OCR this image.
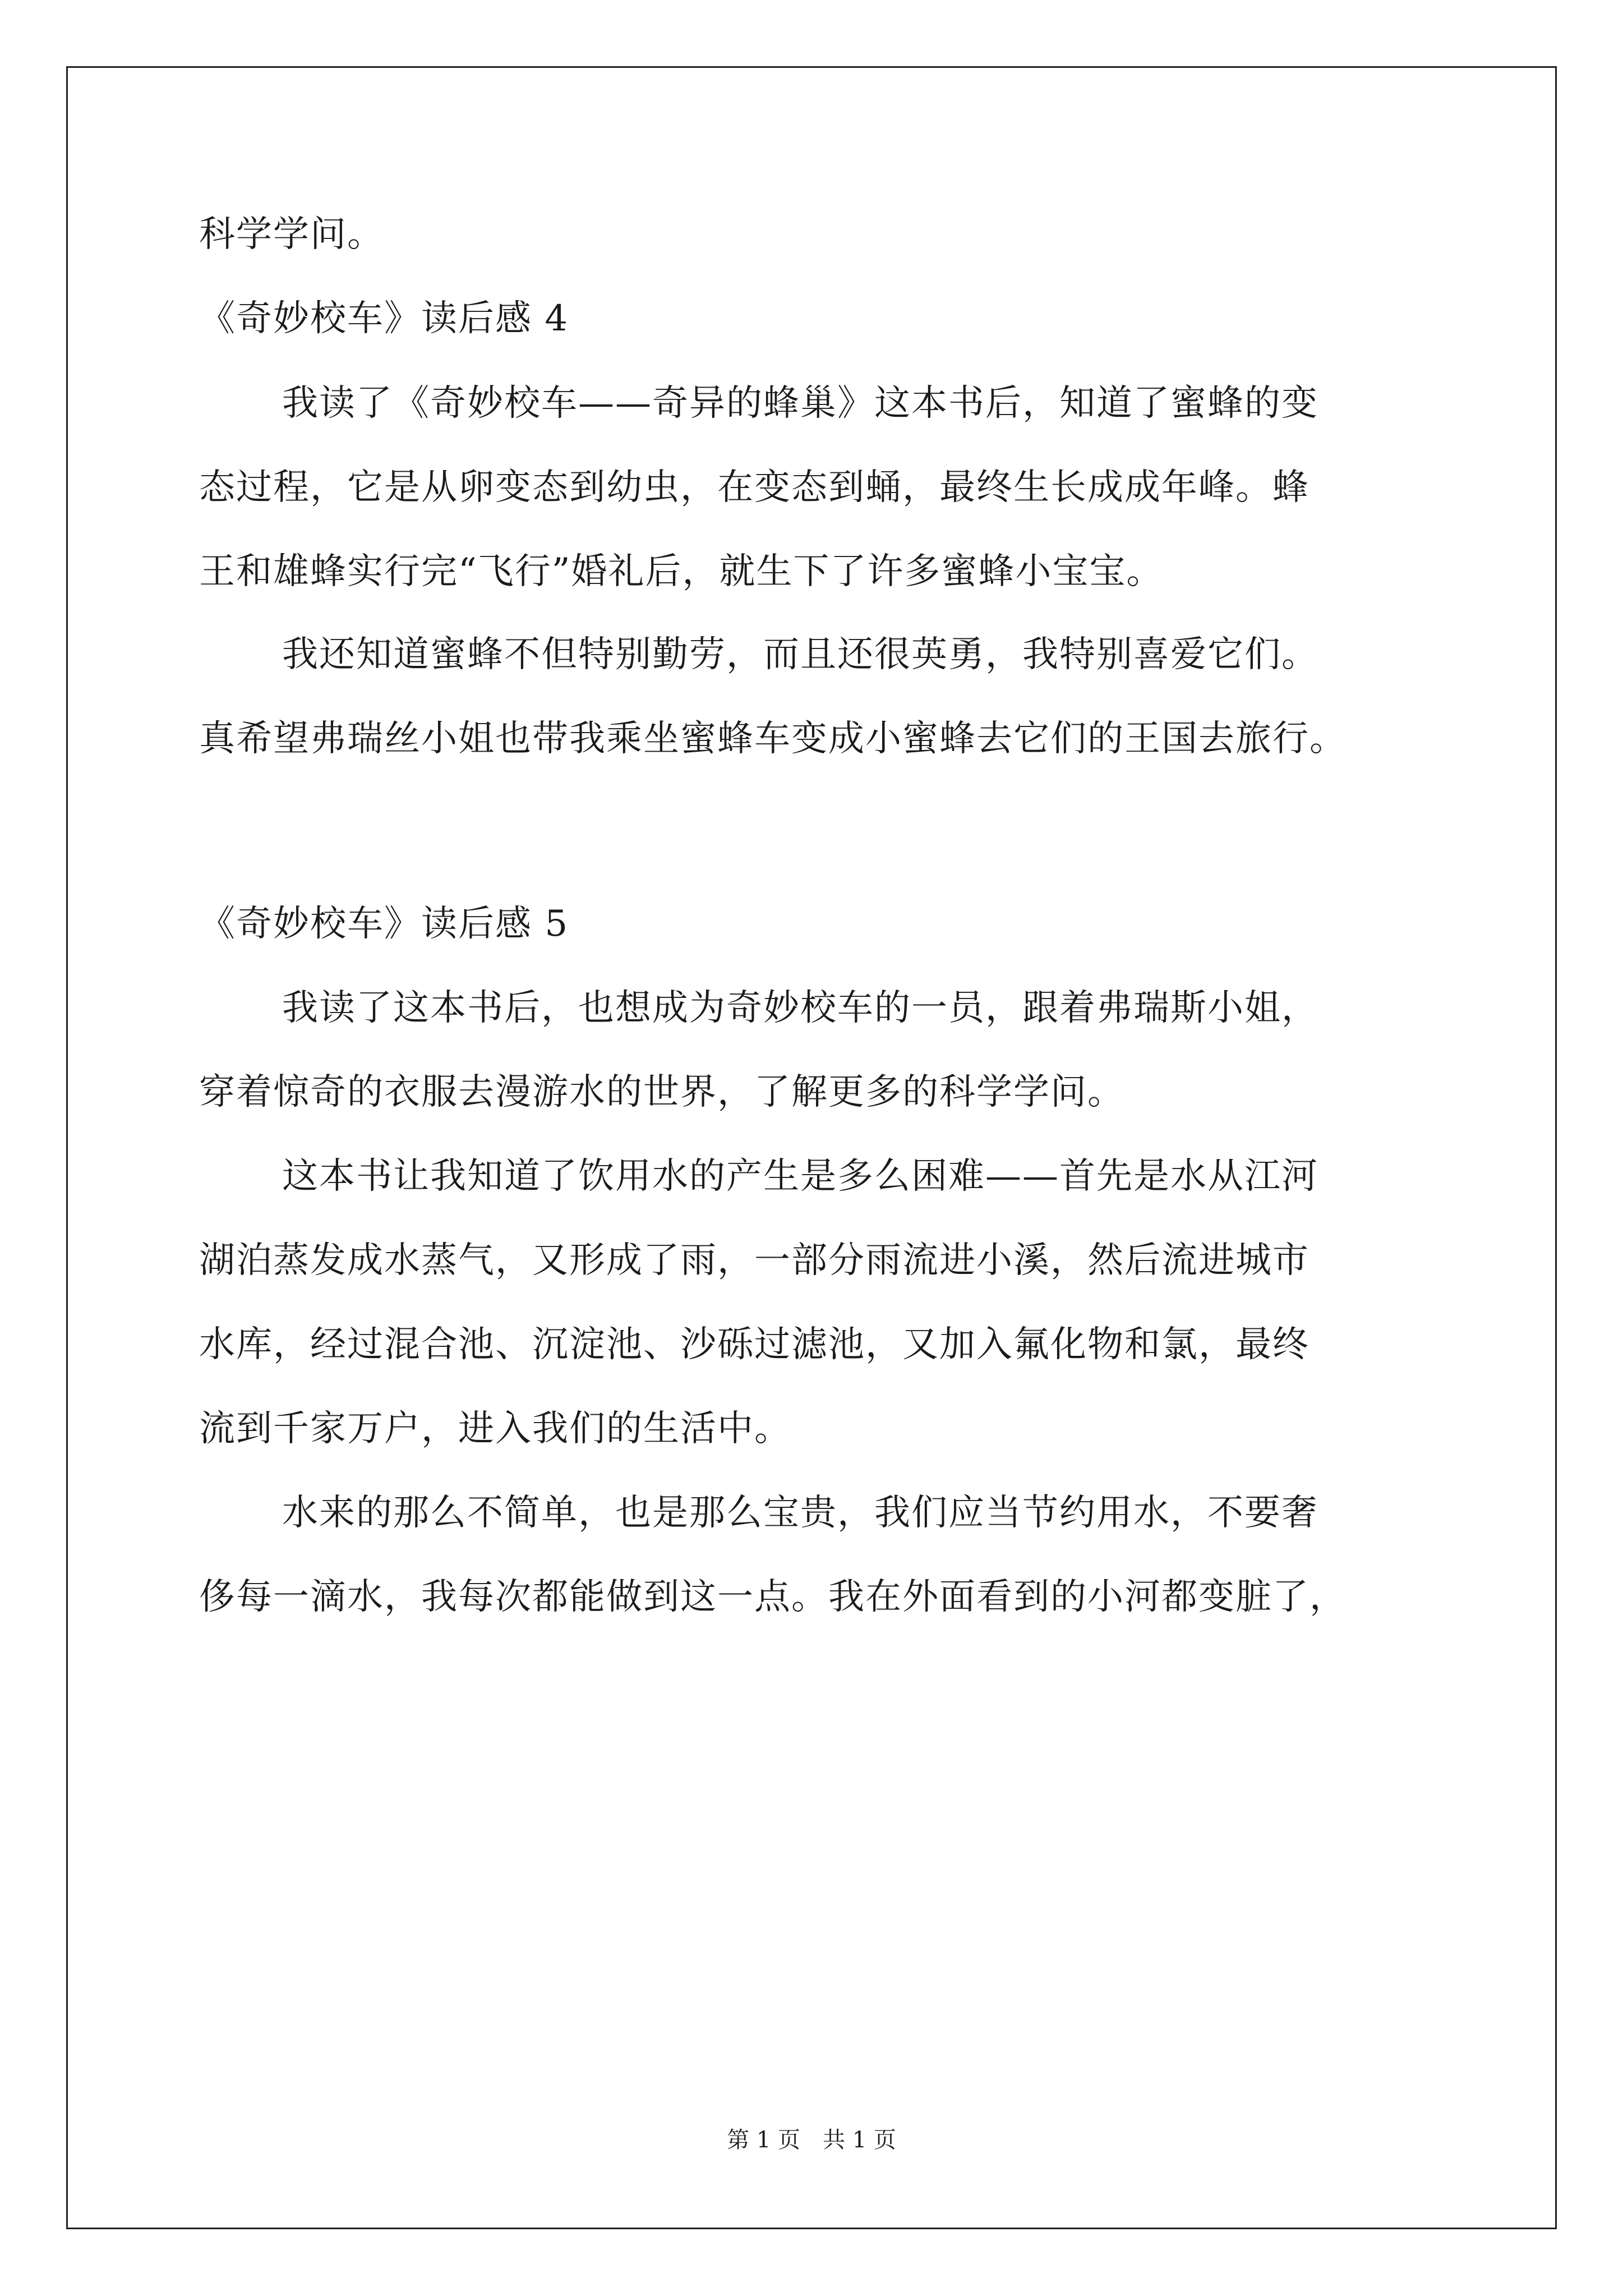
科学学问。
《奇妙校车》读后感 4
我读了《奇妙校车——奇异的蜂巢》这本书后，知道了蜜蜂的变
态过程，它是从卵变态到幼虫，在变态到蛹，最终生长成成年峰。蜂
王和雄蜂实行完“飞行”婚礼后，就生下了许多蜜蜂小宝宝。
我还知道蜜蜂不但特别勤劳，而且还很英勇，我特别喜爱它们。
真希望弗瑞丝小姐也带我乘坐蜜蜂车变成小蜜蜂去它们的王国去旅行。
《奇妙校车》读后感 5
我读了这本书后，也想成为奇妙校车的一员，跟着弗瑞斯小姐，
穿着惊奇的衣服去漫游水的世界，了解更多的科学学问。
这本书让我知道了饮用水的产生是多么困难——首先是水从江河
湖泊蒸发成水蒸气，又形成了雨，一部分雨流进小溪，然后流进城市
水库，经过混合池、沉淀池、沙砾过滤池，又加入氟化物和氯，最终
流到千家万户，进入我们的生活中。
水来的那么不简单，也是那么宝贵，我们应当节约用水，不要奢
侈每一滴水，我每次都能做到这一点。我在外面看到的小河都变脏了，
第 1 页　共 1 页
